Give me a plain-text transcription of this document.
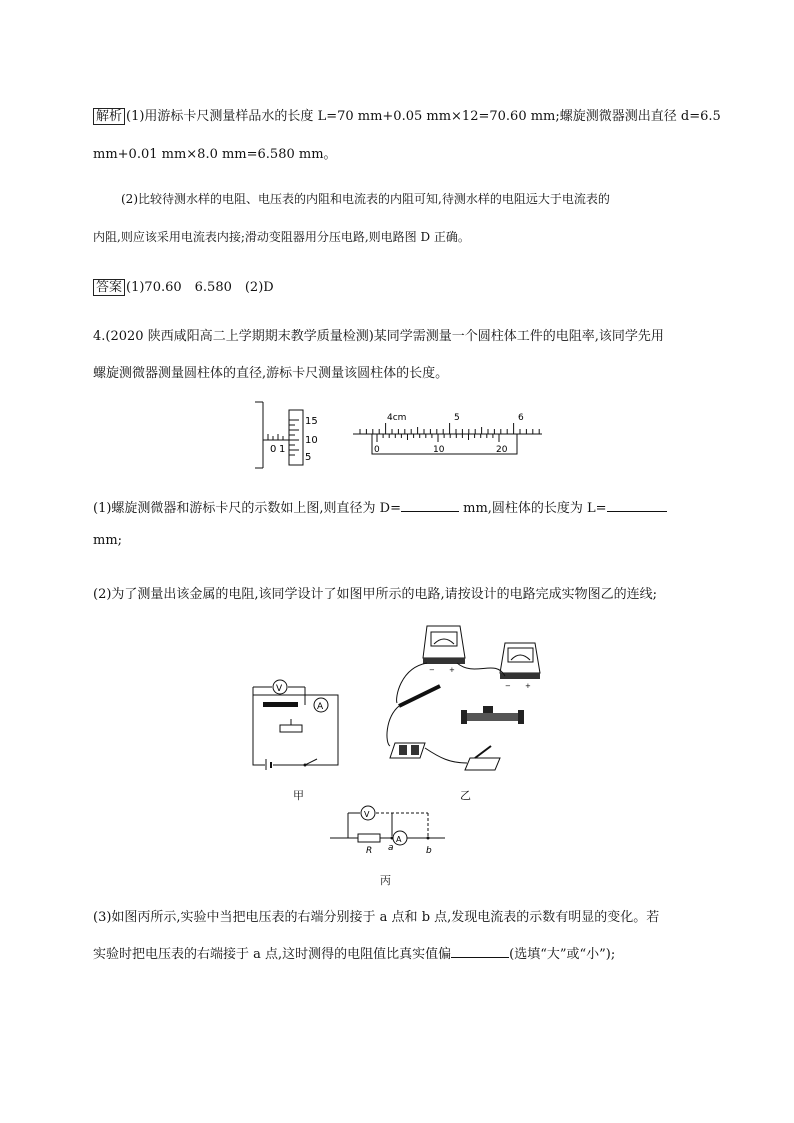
解析 (1)用游标卡尺测量样品水的长度 L=70 mm+0.05 mm×12=70.60 mm;螺旋测微器测出直径 d=6.5
mm+0.01 mm×8.0 mm=6.580 mm。
(2)比较待测水样的电阻、电压表的内阻和电流表的内阻可知,待测水样的电阻远大于电流表的
内阻,则应该采用电流表内接;滑动变阻器用分压电路,则电路图 D 正确。
答案 (1)70.60　6.580　(2)D
4.(2020 陕西咸阳高二上学期期末教学质量检测)某同学需测量一个圆柱体工件的电阻率,该同学先用
螺旋测微器测量圆柱体的直径,游标卡尺测量该圆柱体的长度。
15
10
5
0 1
4cm	5	6
0	10	20
(1)螺旋测微器和游标卡尺的示数如上图,则直径为 D=	mm,圆柱体的长度为 L=
mm;
(2)为了测量出该金属的电阻,该同学设计了如图甲所示的电路,请按设计的电路完成实物图乙的连线;
V
A
甲
− +
− +
乙
A
V
R a	b
丙
(3)如图丙所示,实验中当把电压表的右端分别接于 a 点和 b 点,发现电流表的示数有明显的变化。若
实验时把电压表的右端接于 a 点,这时测得的电阻值比真实值偏	(选填“大”或“小”);
